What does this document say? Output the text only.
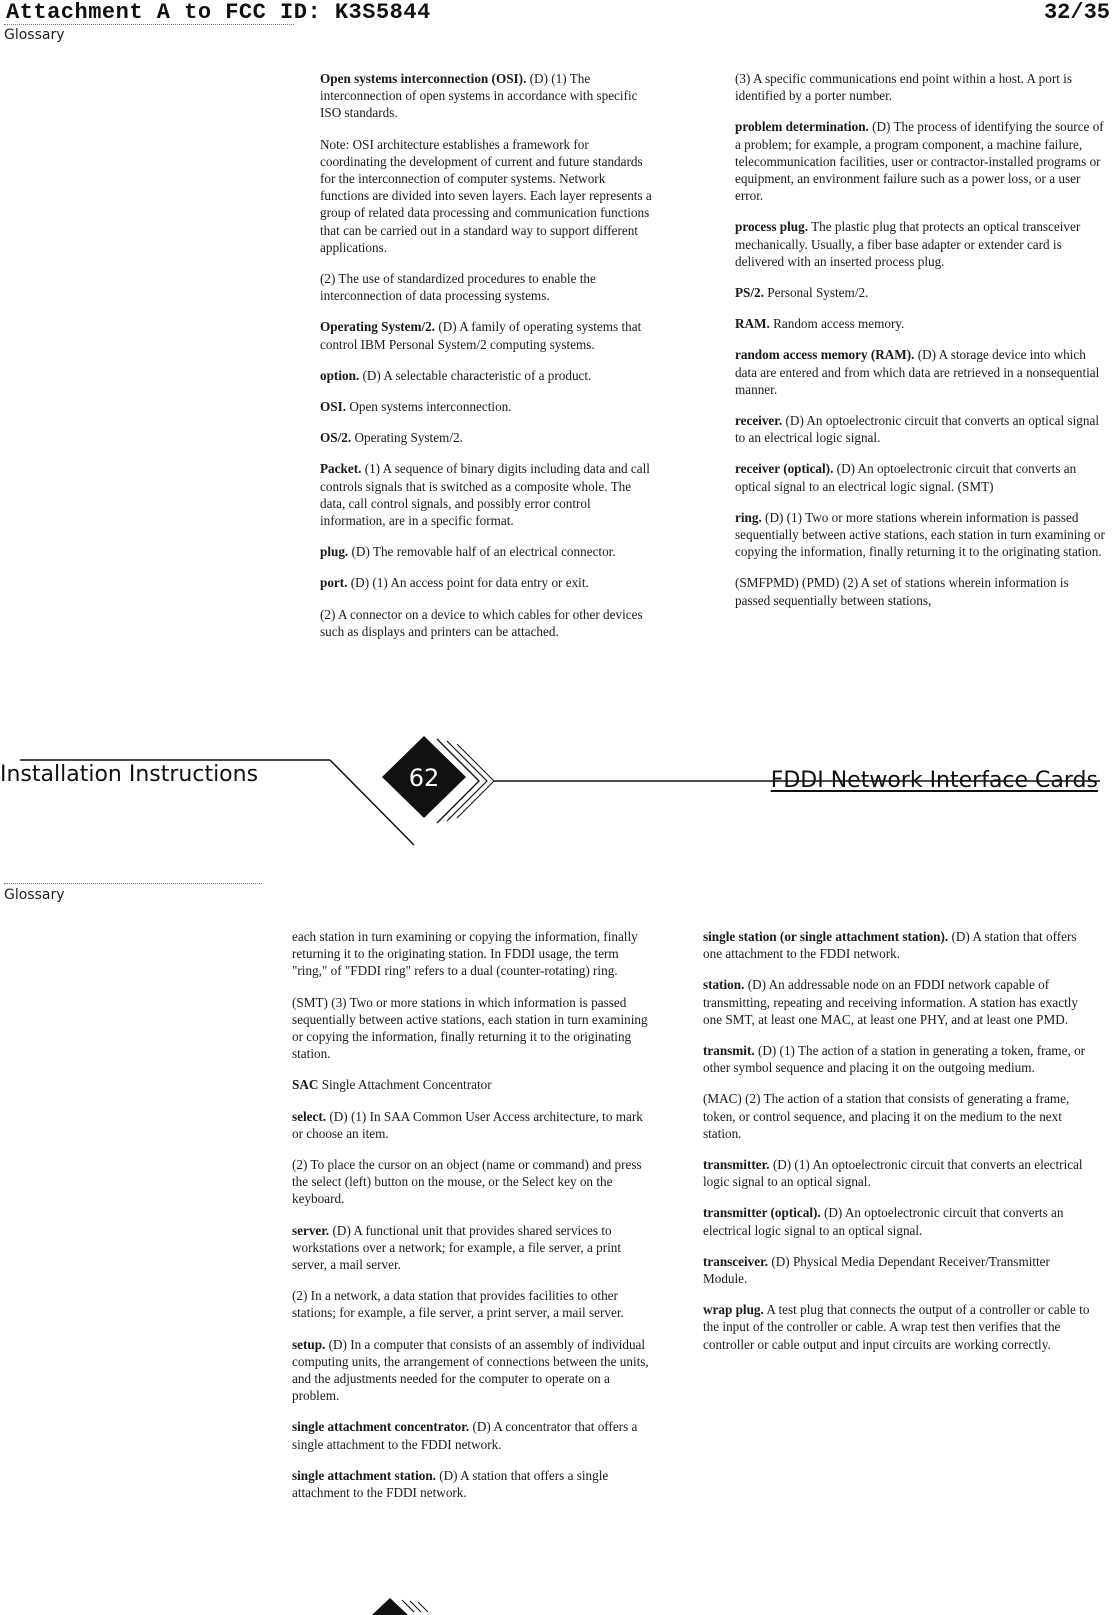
Attachment A to FCC ID: K3S5844	32/35
Glossary

Open systems interconnection (OSI). (D) (1) The interconnection of open systems in accordance with specific ISO standards.

Note: OSI architecture establishes a framework for coordinating the development of current and future standards for the interconnection of computer systems. Network functions are divided into seven layers. Each layer represents a group of related data processing and communication functions that can be carried out in a standard way to support different applications.

(2) The use of standardized procedures to enable the interconnection of data processing systems.

Operating System/2. (D) A family of operating systems that control IBM Personal System/2 computing systems.

option. (D) A selectable characteristic of a product.

OSI. Open systems interconnection.

OS/2. Operating System/2.

Packet. (1) A sequence of binary digits including data and call controls signals that is switched as a composite whole. The data, call control signals, and possibly error control information, are in a specific format.

plug. (D) The removable half of an electrical connector.

port. (D) (1) An access point for data entry or exit.

(2) A connector on a device to which cables for other devices such as displays and printers can be attached.

(3) A specific communications end point within a host. A port is identified by a porter number.

problem determination. (D) The process of identifying the source of a problem; for example, a program component, a machine failure, telecommunication facilities, user or contractor-installed programs or equipment, an environment failure such as a power loss, or a user error.

process plug. The plastic plug that protects an optical transceiver mechanically. Usually, a fiber base adapter or extender card is delivered with an inserted process plug.

PS/2. Personal System/2.

RAM. Random access memory.

random access memory (RAM). (D) A storage device into which data are entered and from which data are retrieved in a nonsequential manner.

receiver. (D) An optoelectronic circuit that converts an optical signal to an electrical logic signal.

receiver (optical). (D) An optoelectronic circuit that converts an optical signal to an electrical logic signal. (SMT)

ring. (D) (1) Two or more stations wherein information is passed sequentially between active stations, each station in turn examining or copying the information, finally returning it to the originating station.

(SMFPMD) (PMD) (2) A set of stations wherein information is passed sequentially between stations,

62
Installation Instructions	FDDI Network Interface Cards
Glossary

each station in turn examining or copying the information, finally returning it to the originating station. In FDDI usage, the term "ring," of "FDDI ring" refers to a dual (counter-rotating) ring.

(SMT) (3) Two or more stations in which information is passed sequentially between active stations, each station in turn examining or copying the information, finally returning it to the originating station.

SAC Single Attachment Concentrator

select. (D) (1) In SAA Common User Access architecture, to mark or choose an item.

(2) To place the cursor on an object (name or command) and press the select (left) button on the mouse, or the Select key on the keyboard.

server. (D) A functional unit that provides shared services to workstations over a network; for example, a file server, a print server, a mail server.

(2) In a network, a data station that provides facilities to other stations; for example, a file server, a print server, a mail server.

setup. (D) In a computer that consists of an assembly of individual computing units, the arrangement of connections between the units, and the adjustments needed for the computer to operate on a problem.

single attachment concentrator. (D) A concentrator that offers a single attachment to the FDDI network.

single attachment station. (D) A station that offers a single attachment to the FDDI network.

single station (or single attachment station). (D) A station that offers one attachment to the FDDI network.

station. (D) An addressable node on an FDDI network capable of transmitting, repeating and receiving information. A station has exactly one SMT, at least one MAC, at least one PHY, and at least one PMD.

transmit. (D) (1) The action of a station in generating a token, frame, or other symbol sequence and placing it on the outgoing medium.

(MAC) (2) The action of a station that consists of generating a frame, token, or control sequence, and placing it on the medium to the next station.

transmitter. (D) (1) An optoelectronic circuit that converts an electrical logic signal to an optical signal.

transmitter (optical). (D) An optoelectronic circuit that converts an electrical logic signal to an optical signal.

transceiver. (D) Physical Media Dependant Receiver/Transmitter Module.

wrap plug. A test plug that connects the output of a controller or cable to the input of the controller or cable. A wrap test then verifies that the controller or cable output and input circuits are working correctly.
